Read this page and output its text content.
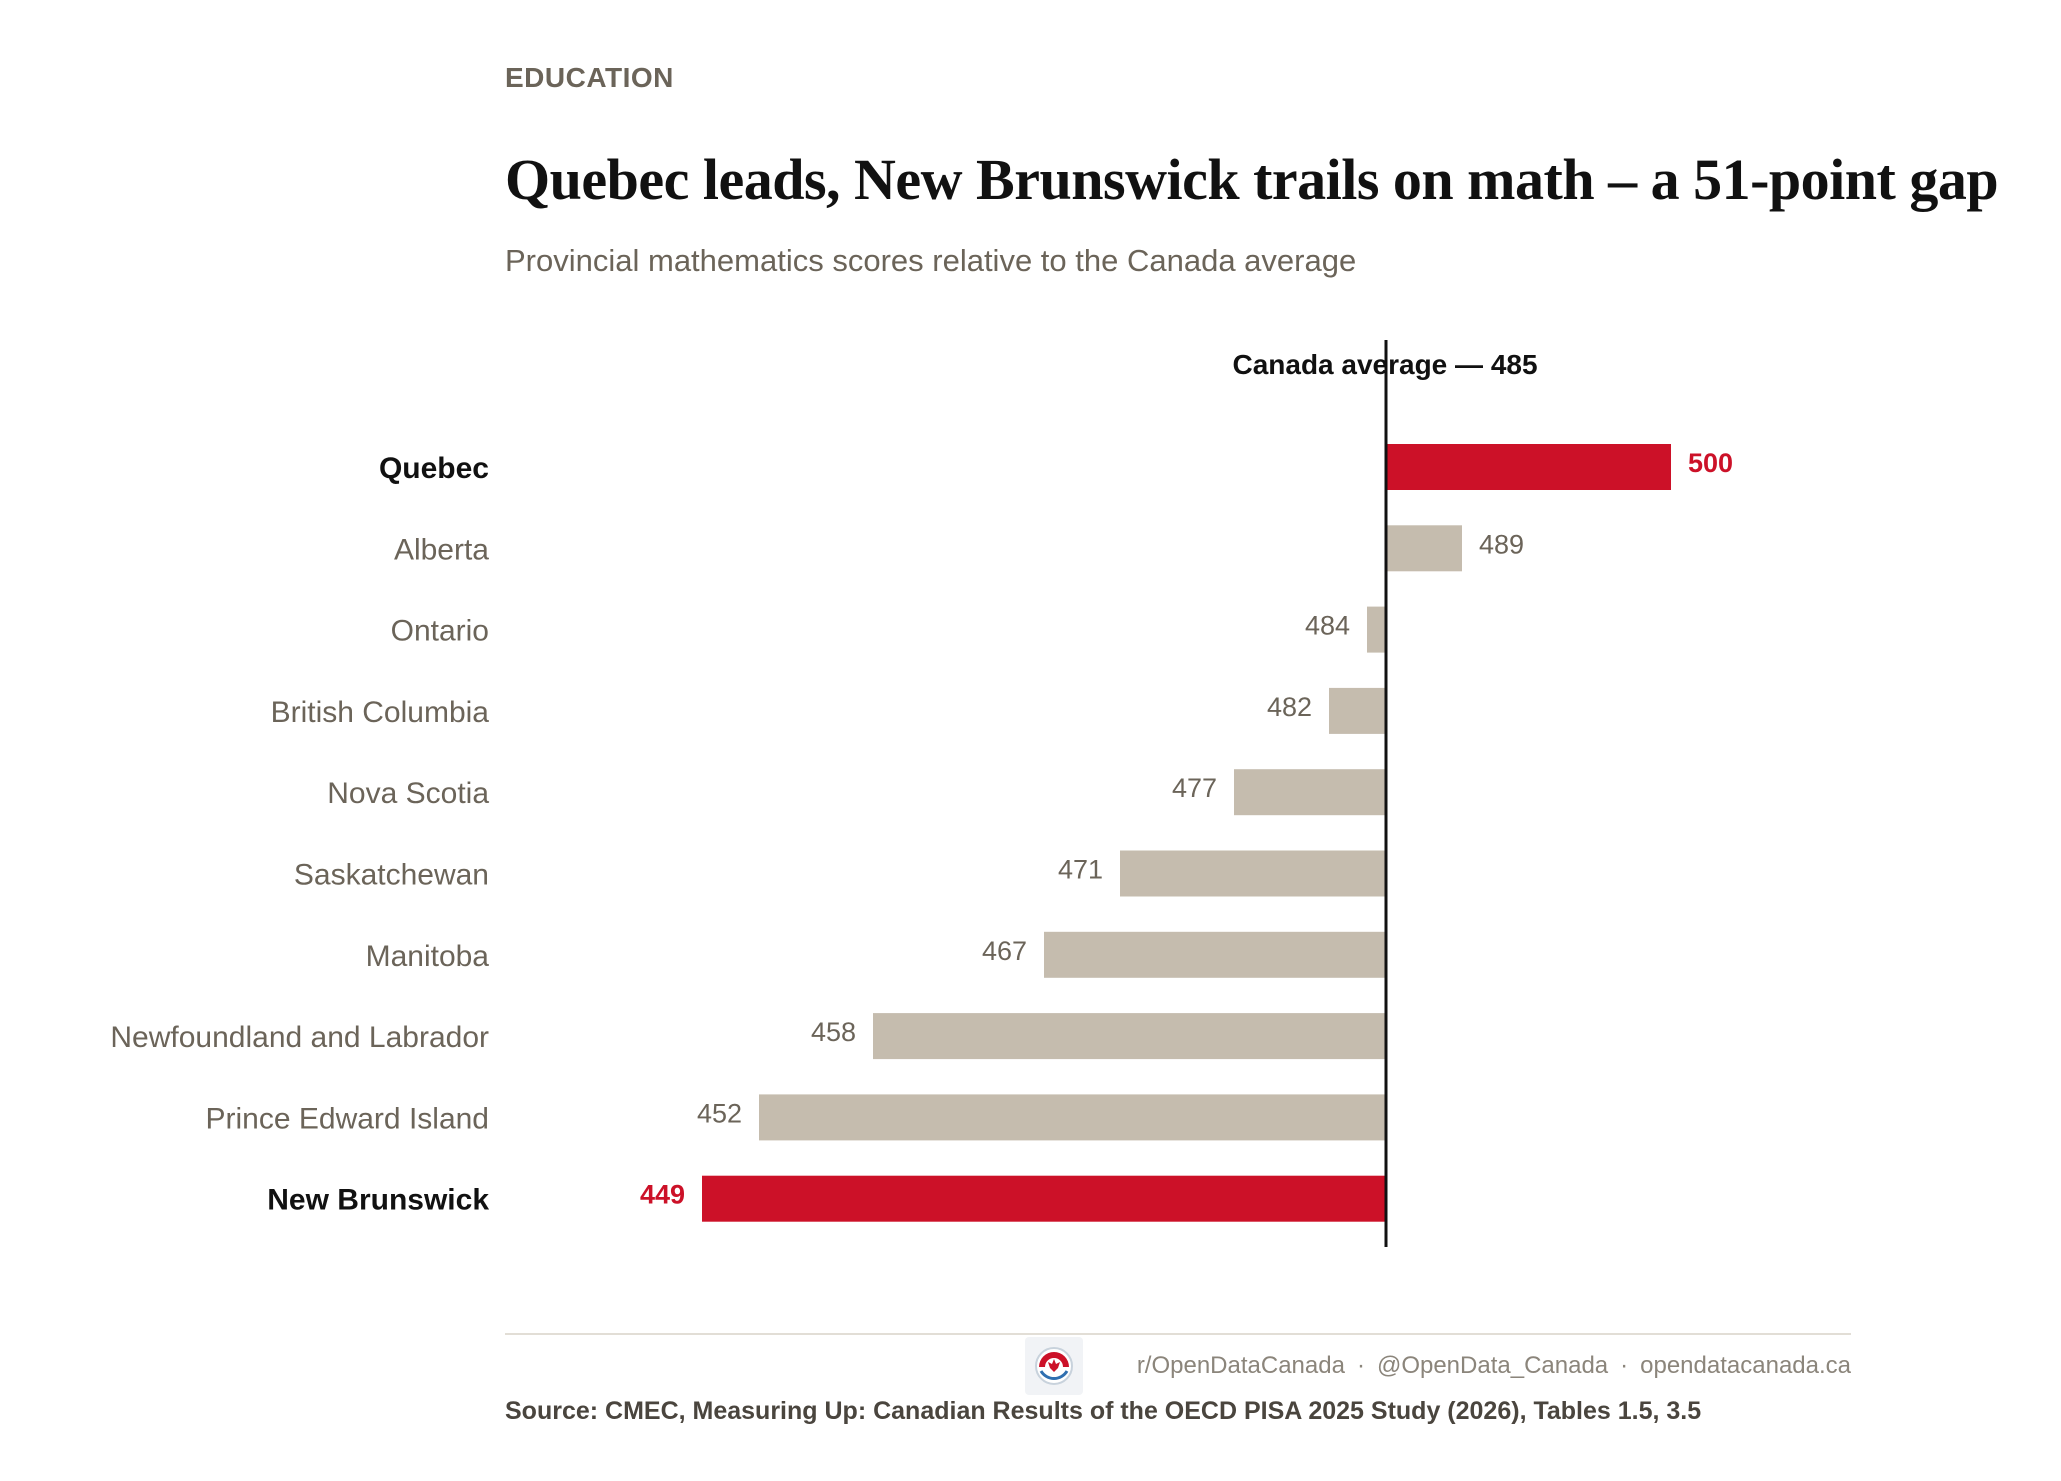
EDUCATION
Quebec leads, New Brunswick trails on math – a 51-point gap
Provincial mathematics scores relative to the Canada average
Quebec	500
Alberta	489
Ontario	484
British Columbia	482
Nova Scotia	477
Saskatchewan	471
Manitoba	467
Newfoundland and Labrador	458
Prince Edward Island	452
New Brunswick	449
Canada average — 485
r/OpenDataCanada · @OpenData_Canada · opendatacanada.ca
Source: CMEC, Measuring Up: Canadian Results of the OECD PISA 2025 Study (2026), Tables 1.5, 3.5
